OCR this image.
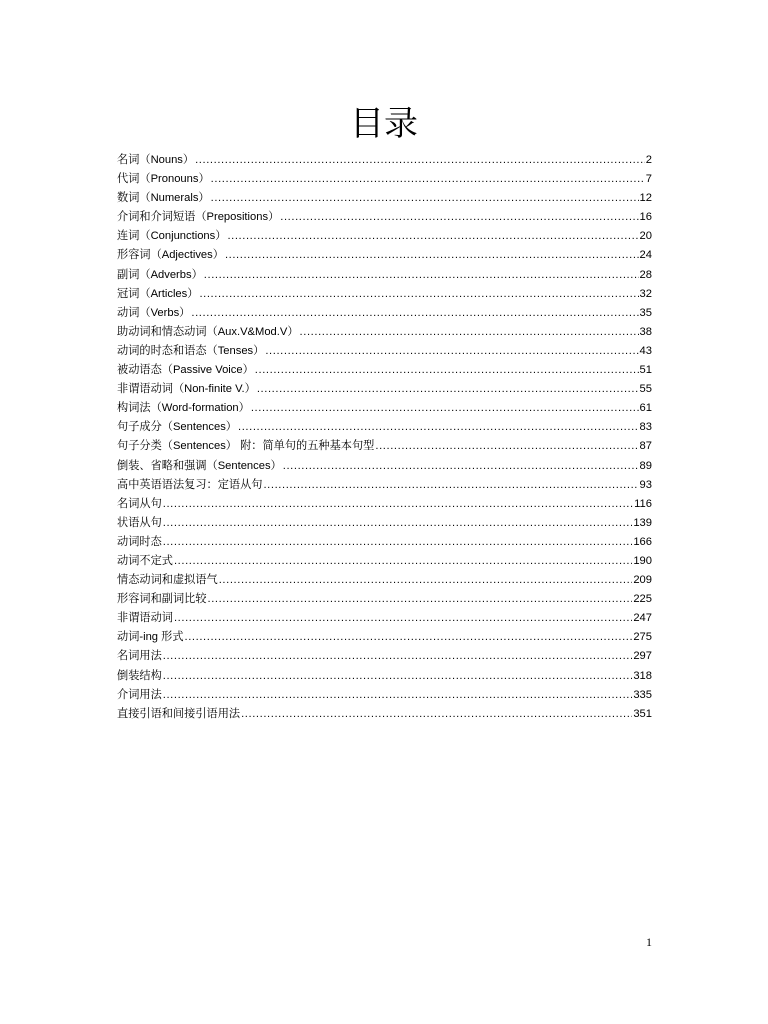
目录
名词（Nouns） .....	2
代词（Pronouns） .....	7
数词（Numerals） .....	12
介词和介词短语（Prepositions） .....	16
连词（Conjunctions） .....	20
形容词（Adjectives） .....	24
副词（Adverbs） .....	28
冠词（Articles） .....	32
动词（Verbs） .....	35
助动词和情态动词（Aux.V&Mod.V） .....	38
动词的时态和语态（Tenses） .....	43
被动语态（Passive Voice） .....	51
非谓语动词（Non-finite V.） .....	55
构词法（Word-formation） .....	61
句子成分（Sentences） .....	83
句子分类（Sentences） 附：简单句的五种基本句型 .....	87
倒装、省略和强调（Sentences） .....	89
高中英语语法复习：定语从句 .....	93
名词从句 .....	116
状语从句 .....	139
动词时态 .....	166
动词不定式 .....	190
情态动词和虚拟语气 .....	209
形容词和副词比较 .....	225
非谓语动词 .....	247
动词-ing 形式 .....	275
名词用法 .....	297
倒装结构 .....	318
介词用法 .....	335
直接引语和间接引语用法 .....	351
1
